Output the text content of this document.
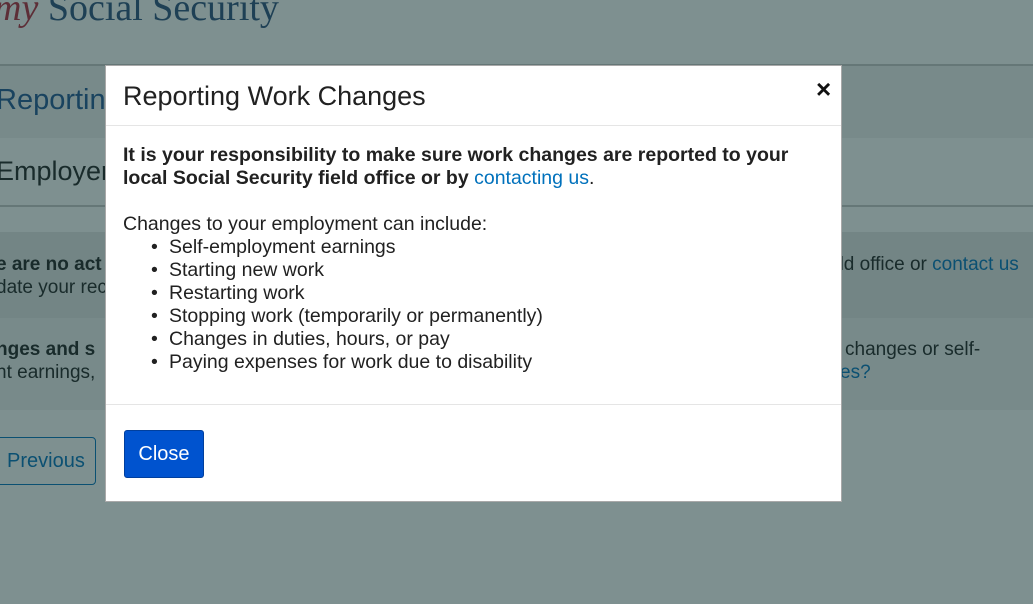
Reporting Work Changes	×
It is your responsibility to make sure work changes are reported to your local Social Security field office or by contacting us.
Changes to your employment can include:
• Self-employment earnings
• Starting new work
• Restarting work
• Stopping work (temporarily or permanently)
• Changes in duties, hours, or pay
• Paying expenses for work due to disability
Close
